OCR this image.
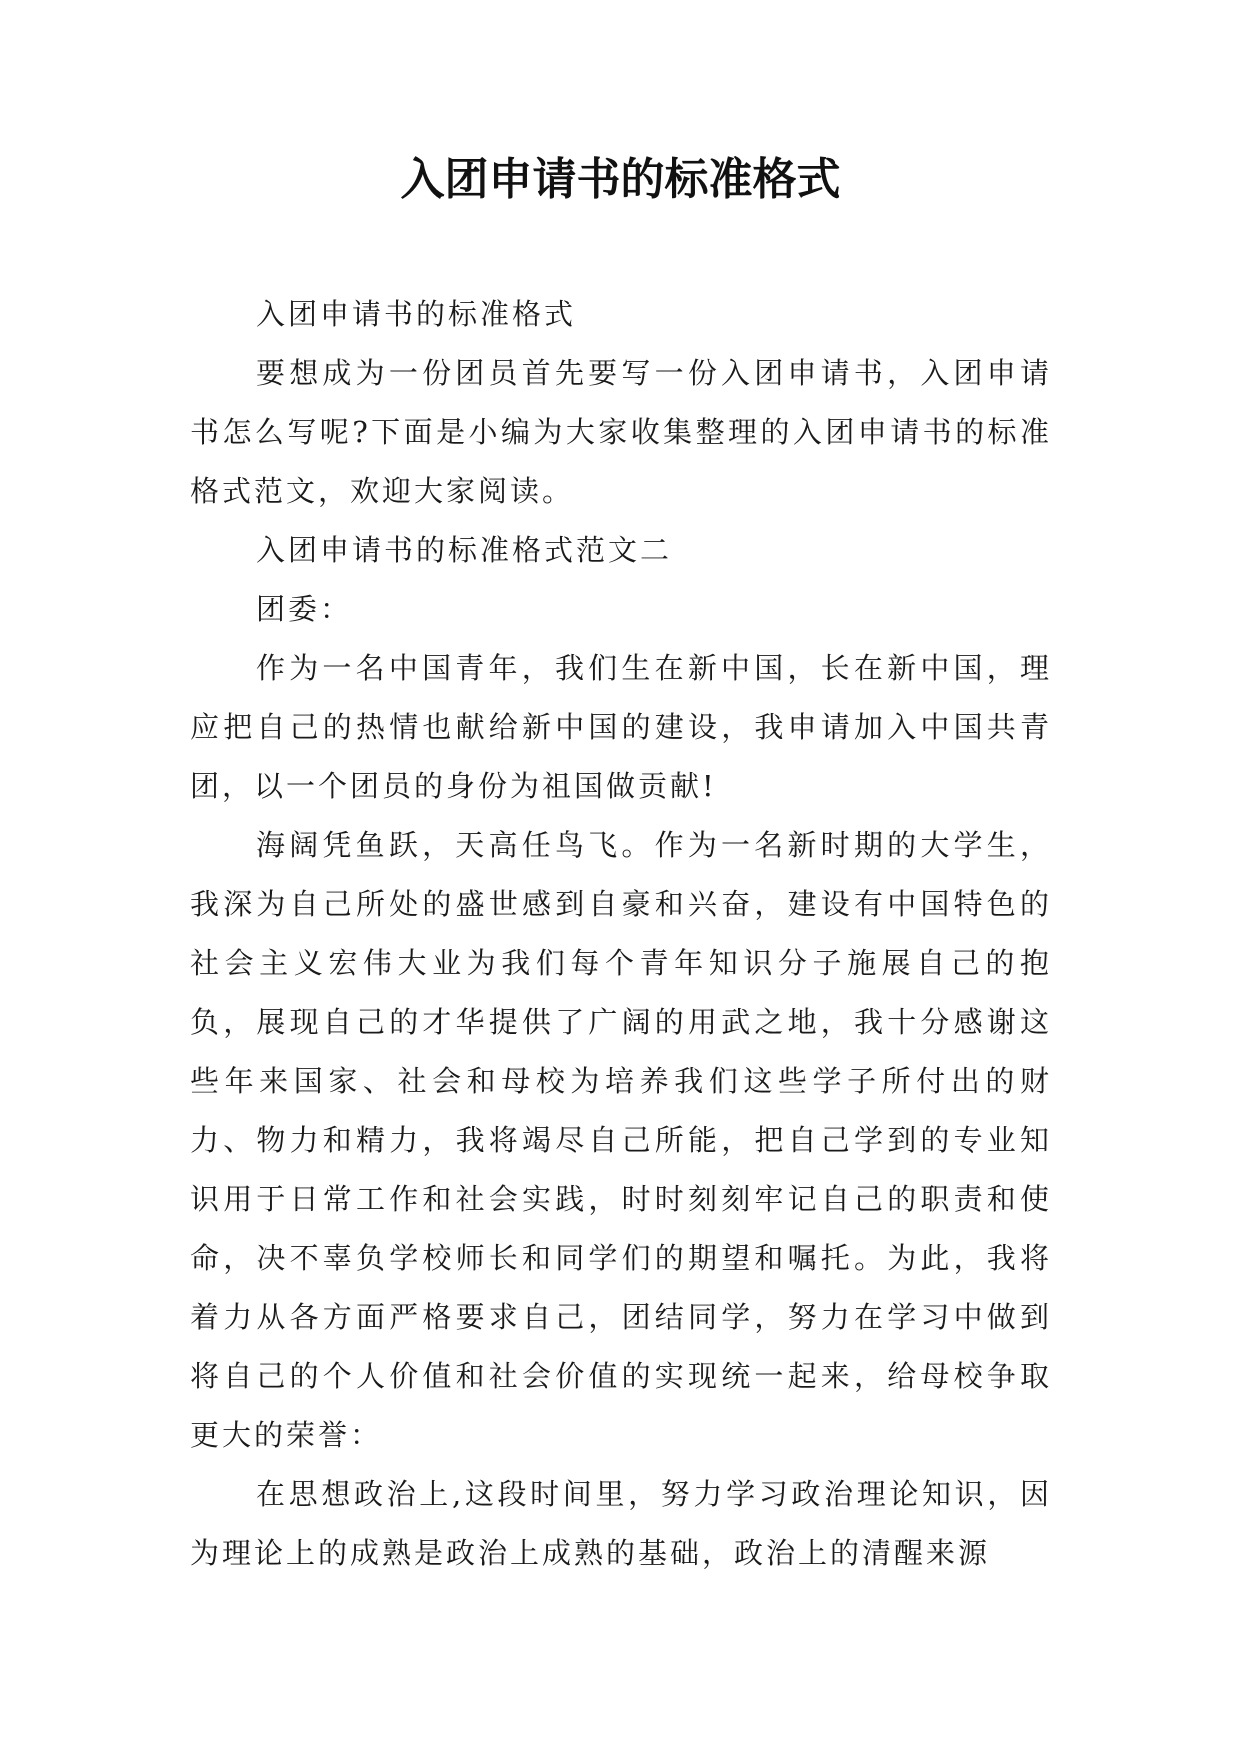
入团申请书的标准格式

入团申请书的标准格式

要想成为一份团员首先要写一份入团申请书，入团申请书怎么写呢?下面是小编为大家收集整理的入团申请书的标准格式范文，欢迎大家阅读。

入团申请书的标准格式范文二

团委：

作为一名中国青年，我们生在新中国，长在新中国，理应把自己的热情也献给新中国的建设，我申请加入中国共青团，以一个团员的身份为祖国做贡献!

海阔凭鱼跃，天高任鸟飞。作为一名新时期的大学生，我深为自己所处的盛世感到自豪和兴奋，建设有中国特色的社会主义宏伟大业为我们每个青年知识分子施展自己的抱负，展现自己的才华提供了广阔的用武之地，我十分感谢这些年来国家、社会和母校为培养我们这些学子所付出的财力、物力和精力，我将竭尽自己所能，把自己学到的专业知识用于日常工作和社会实践，时时刻刻牢记自己的职责和使命，决不辜负学校师长和同学们的期望和嘱托。为此，我将着力从各方面严格要求自己，团结同学，努力在学习中做到将自己的个人价值和社会价值的实现统一起来，给母校争取更大的荣誉：

在思想政治上,这段时间里，努力学习政治理论知识，因为理论上的成熟是政治上成熟的基础，政治上的清醒来源
